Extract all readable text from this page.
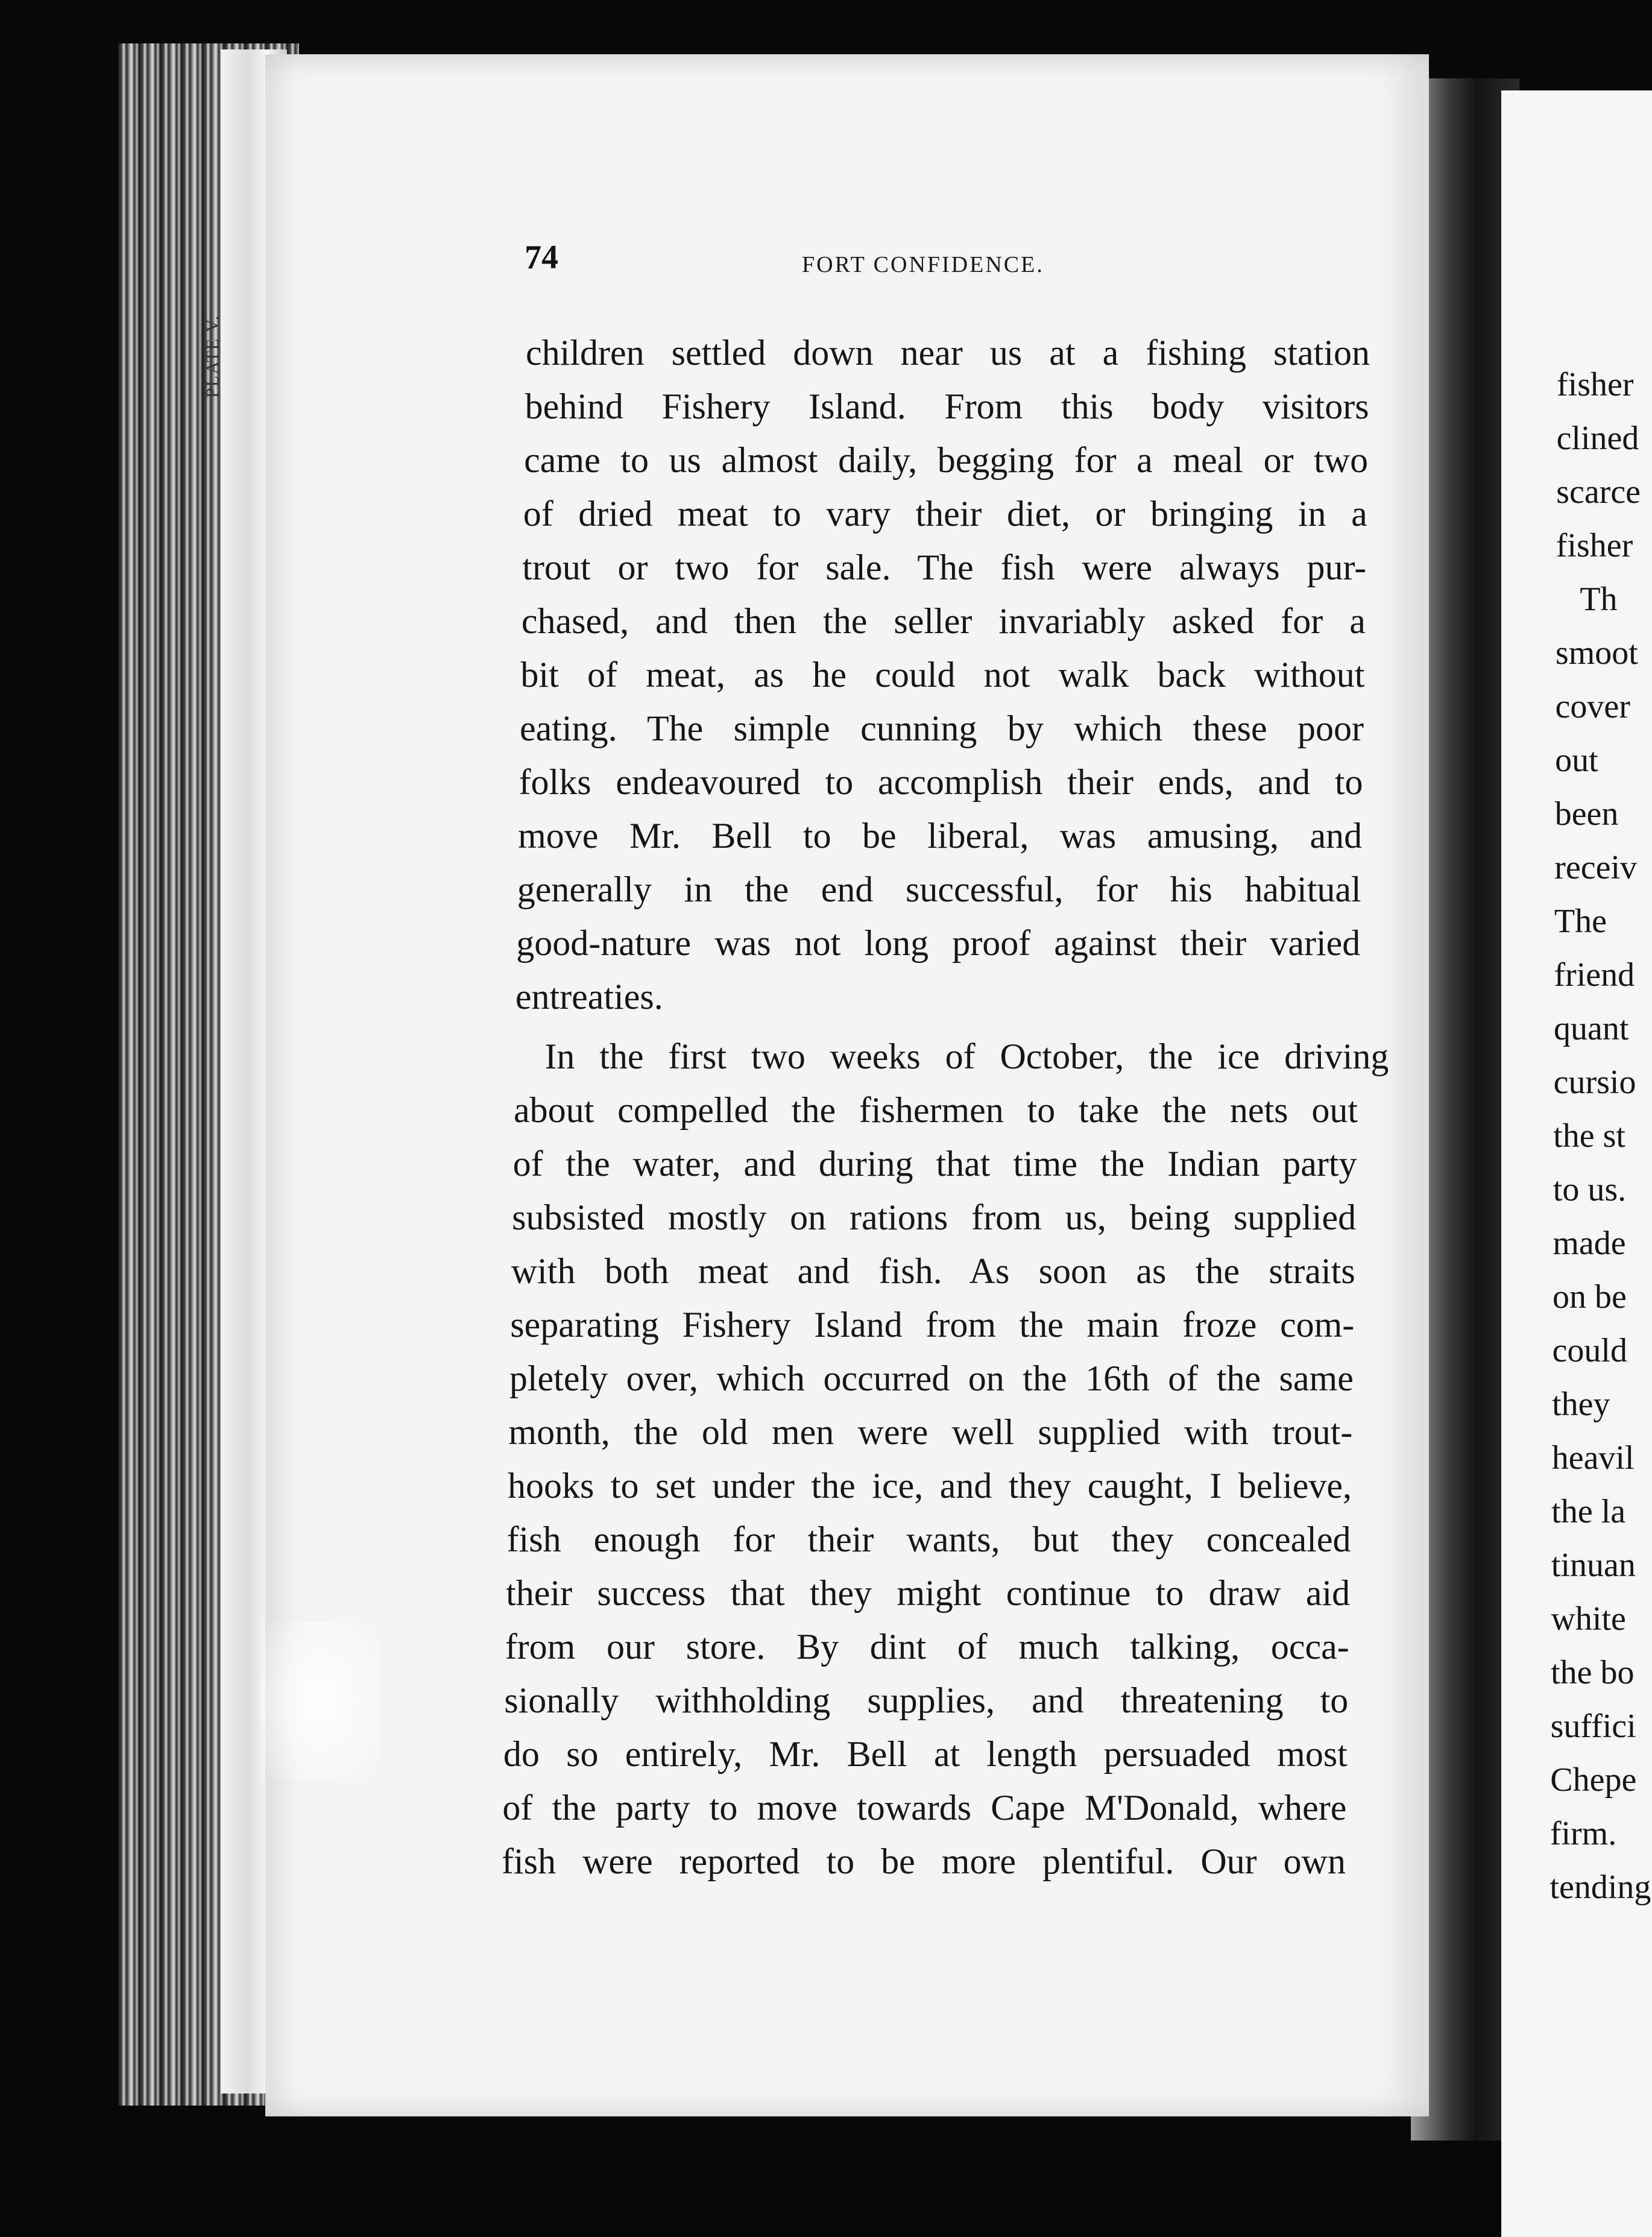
PLATE V.	fisher
clined
scarce
fisher
Th
smoot
cover
out
been
receiv
The
friend
quant
cursio
the st
to us.
made
on be
could
they
heavil
the la
tinuan
white
the bo
suffici
Chepe
firm.
tending
74	FORT CONFIDENCE.
children settled down near us at a fishing station
behind Fishery Island. From this body visitors
came to us almost daily, begging for a meal or two
of dried meat to vary their diet, or bringing in a
trout or two for sale. The fish were always pur-
chased, and then the seller invariably asked for a
bit of meat, as he could not walk back without
eating. The simple cunning by which these poor
folks endeavoured to accomplish their ends, and to
move Mr. Bell to be liberal, was amusing, and
generally in the end successful, for his habitual
good-nature was not long proof against their varied
entreaties.
In the first two weeks of October, the ice driving
about compelled the fishermen to take the nets out
of the water, and during that time the Indian party
subsisted mostly on rations from us, being supplied
with both meat and fish. As soon as the straits
separating Fishery Island from the main froze com-
pletely over, which occurred on the 16th of the same
month, the old men were well supplied with trout-
hooks to set under the ice, and they caught, I believe,
fish enough for their wants, but they concealed
their success that they might continue to draw aid
from our store. By dint of much talking, occa-
sionally withholding supplies, and threatening to
do so entirely, Mr. Bell at length persuaded most
of the party to move towards Cape M'Donald, where
fish were reported to be more plentiful. Our own
